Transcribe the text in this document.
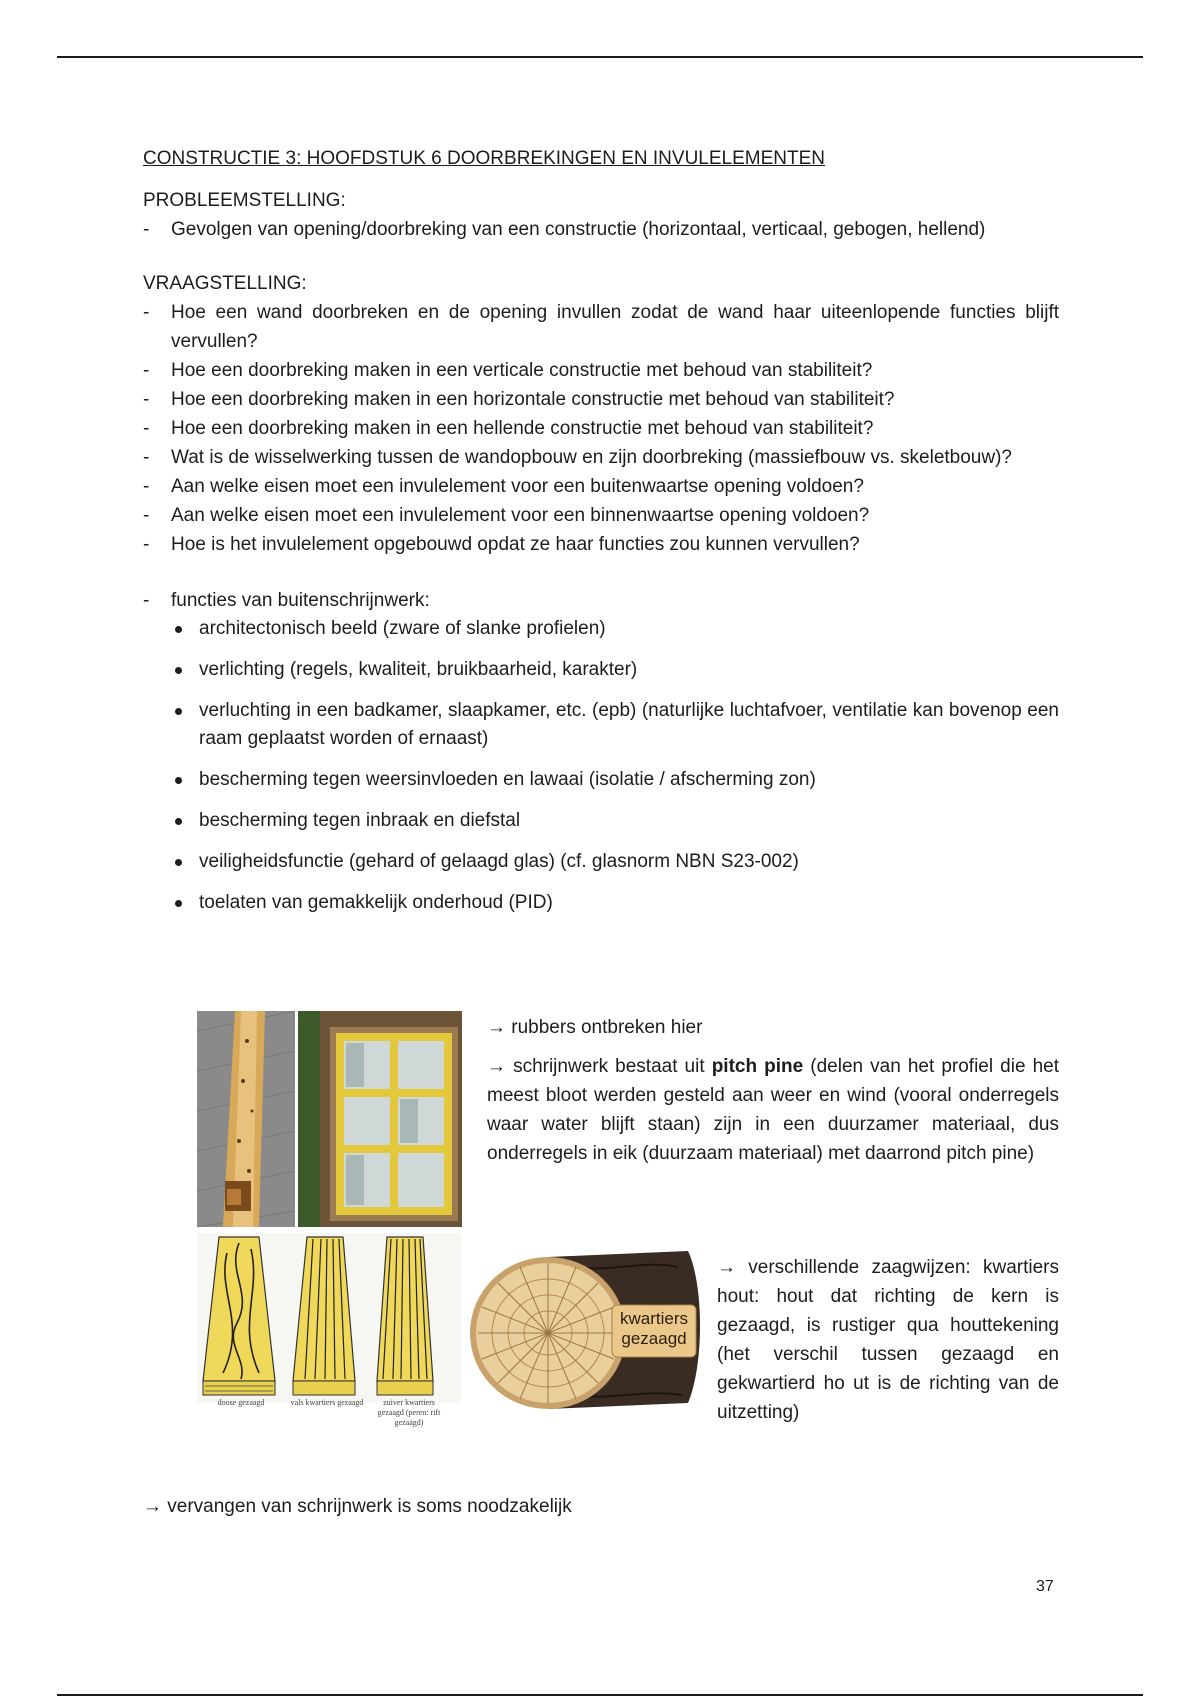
CONSTRUCTIE 3: HOOFDSTUK 6 DOORBREKINGEN EN INVULELEMENTEN

PROBLEEMSTELLING:

- Gevolgen van opening/doorbreking van een constructie (horizontaal, verticaal, gebogen, hellend)

VRAAGSTELLING:

- Hoe een wand doorbreken en de opening invullen zodat de wand haar uiteenlopende functies blijft vervullen?
- Hoe een doorbreking maken in een verticale constructie met behoud van stabiliteit?
- Hoe een doorbreking maken in een horizontale constructie met behoud van stabiliteit?
- Hoe een doorbreking maken in een hellende constructie met behoud van stabiliteit?
- Wat is de wisselwerking tussen de wandopbouw en zijn doorbreking (massiefbouw vs. skeletbouw)?
- Aan welke eisen moet een invulelement voor een buitenwaartse opening voldoen?
- Aan welke eisen moet een invulelement voor een binnenwaartse opening voldoen?
- Hoe is het invulelement opgebouwd opdat ze haar functies zou kunnen vervullen?
- functies van buitenschrijnwerk:
architectonisch beeld (zware of slanke profielen)
verlichting (regels, kwaliteit, bruikbaarheid, karakter)
verluchting in een badkamer, slaapkamer, etc. (epb) (naturlijke luchtafvoer, ventilatie kan bovenop een raam geplaatst worden of ernaast)
bescherming tegen weersinvloeden en lawaai (isolatie / afscherming zon)
bescherming tegen inbraak en diefstal
veiligheidsfunctie (gehard of gelaagd glas) (cf. glasnorm NBN S23-002)
toelaten van gemakkelijk onderhoud (PID)
doose gezaagd	vals kwartiers gezaagd	zuiver kwartiers gezaagd (peren: rift gezaagd)
kwartiers
gezaagd
→ rubbers ontbreken hier
→ schrijnwerk bestaat uit pitch pine (delen van het profiel die het meest bloot werden gesteld aan weer en wind (vooral onderregels waar water blijft staan) zijn in een duurzamer materiaal, dus onderregels in eik (duurzaam materiaal) met daarrond pitch pine)
→ verschillende zaagwijzen: kwartiers hout: hout dat richting de kern is gezaagd, is rustiger qua houttekening (het verschil tussen gezaagd en gekwartierd ho ut is de richting van de uitzetting)
→ vervangen van schrijnwerk is soms noodzakelijk
37
